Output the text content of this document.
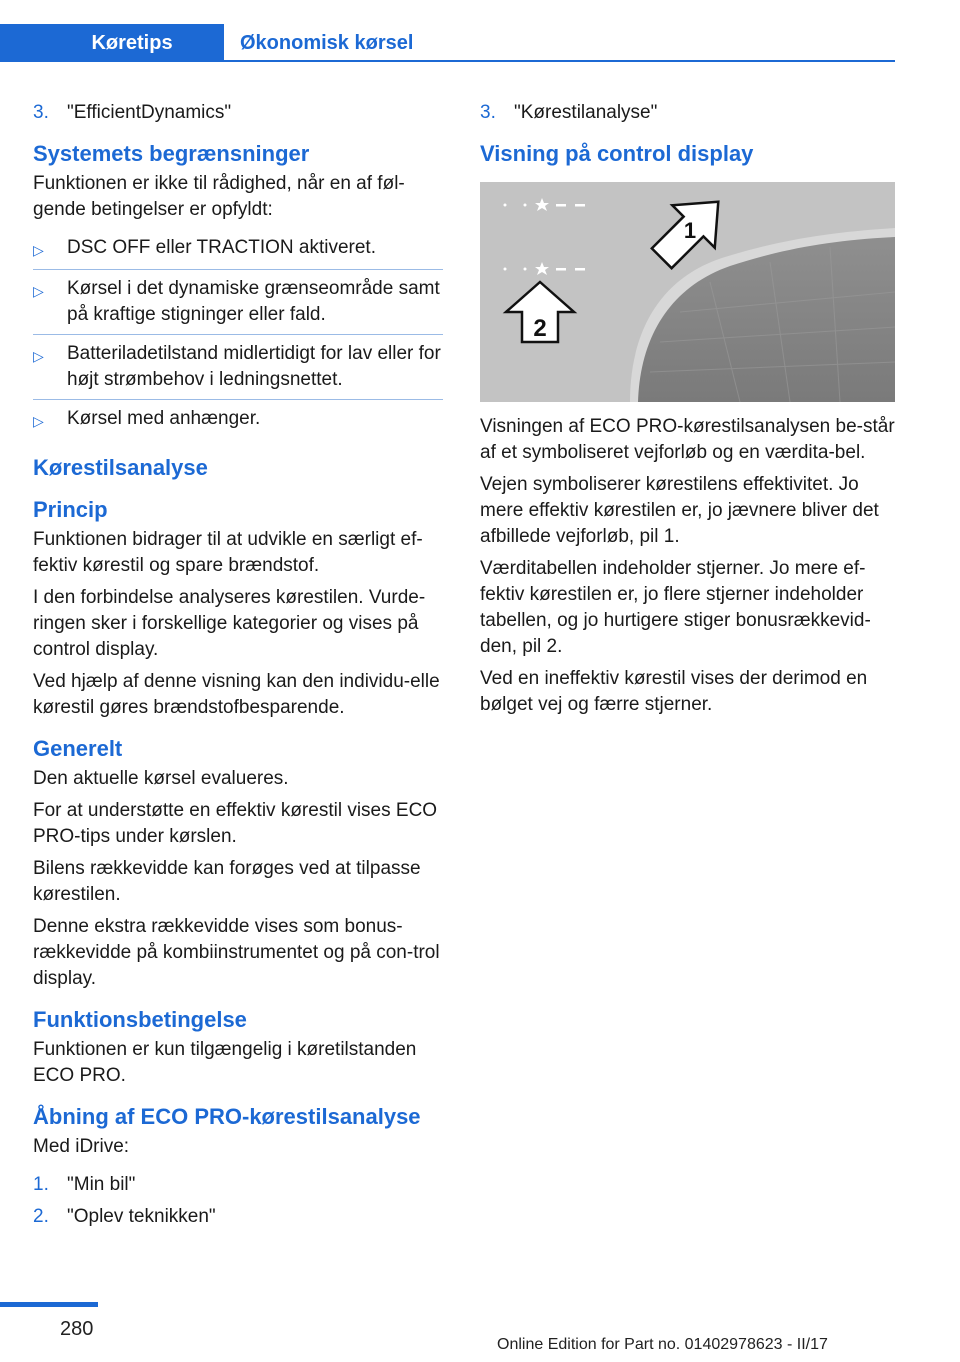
Køretips	Økonomisk kørsel
3. "EfficientDynamics"
Systemets begrænsninger

Funktionen er ikke til rådighed, når en af føl-gende betingelser er opfyldt:

▷	DSC OFF eller TRACTION aktiveret.
▷	Kørsel i det dynamiske grænseområde samt på kraftige stigninger eller fald.
▷	Batteriladetilstand midlertidigt for lav eller for højt strømbehov i ledningsnettet.
▷	Kørsel med anhænger.
Kørestilsanalyse
Princip

Funktionen bidrager til at udvikle en særligt ef-fektiv kørestil og spare brændstof.

I den forbindelse analyseres kørestilen. Vurde-ringen sker i forskellige kategorier og vises på control display.

Ved hjælp af denne visning kan den individu-elle kørestil gøres brændstofbesparende.

Generelt

Den aktuelle kørsel evalueres.

For at understøtte en effektiv kørestil vises ECO PRO-tips under kørslen.

Bilens rækkevidde kan forøges ved at tilpasse kørestilen.

Denne ekstra rækkevidde vises som bonus-rækkevidde på kombiinstrumentet og på con-trol display.

Funktionsbetingelse

Funktionen er kun tilgængelig i køretilstanden ECO PRO.

Åbning af ECO PRO-kørestilsanalyse

Med iDrive:

1. "Min bil"
2. "Oplev teknikken"
3. "Kørestilanalyse"
Visning på control display
1
2

Visningen af ECO PRO-kørestilsanalysen be-står af et symboliseret vejforløb og en værdita-bel.

Vejen symboliserer kørestilens effektivitet. Jo mere effektiv kørestilen er, jo jævnere bliver det afbillede vejforløb, pil 1.

Værditabellen indeholder stjerner. Jo mere ef-fektiv kørestilen er, jo flere stjerner indeholder tabellen, og jo hurtigere stiger bonusrækkevid-den, pil 2.

Ved en ineffektiv kørestil vises der derimod en bølget vej og færre stjerner.

280
Online Edition for Part no. 01402978623 - II/17
